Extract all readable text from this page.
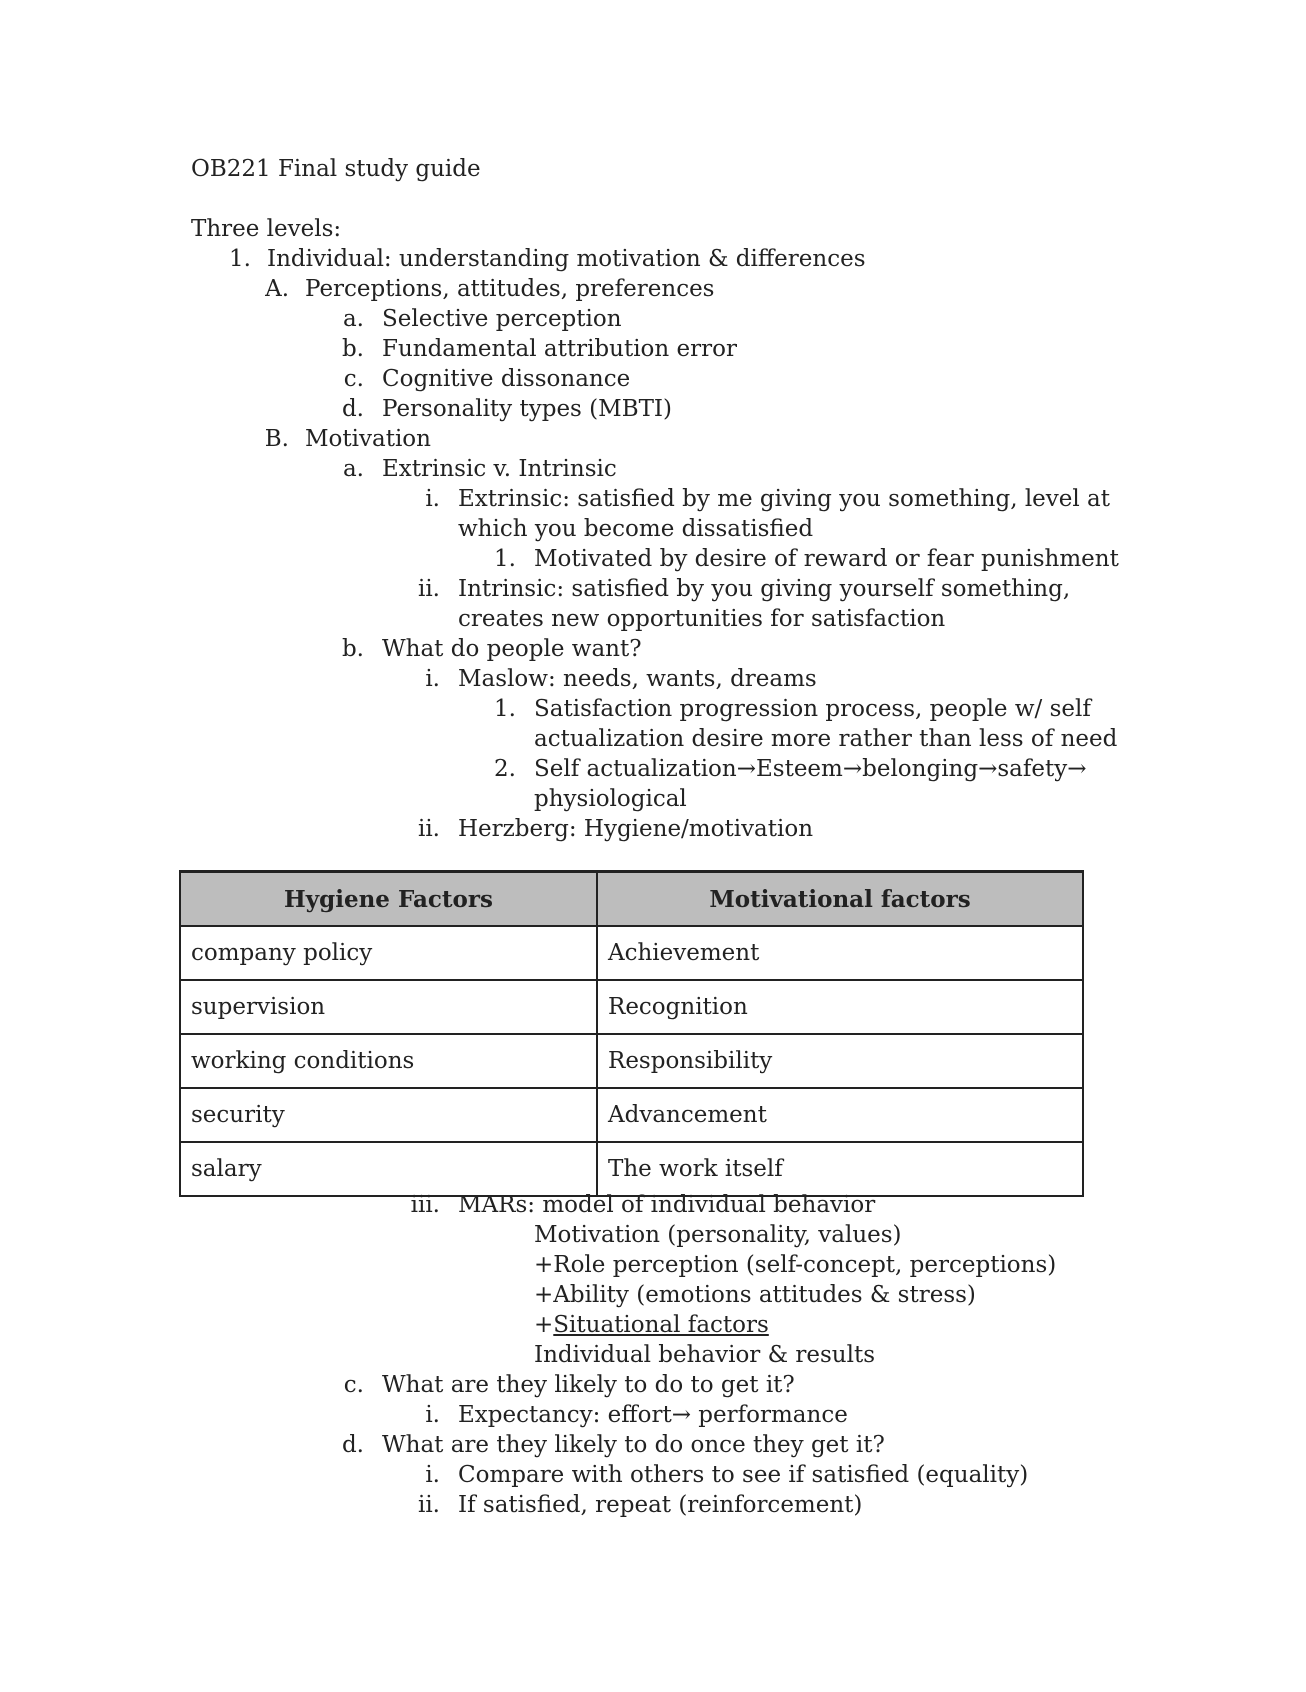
OB221 Final study guide
Three levels:
Individual: understanding motivation & differences
1.
Perceptions, attitudes, preferences
A.
Selective perception
a.
Fundamental attribution error
b.
Cognitive dissonance
c.
Personality types (MBTI)
d.
Motivation
B.
Extrinsic v. Intrinsic
a.
Extrinsic: satisfied by me giving you something, level at
which you become dissatisfied
i.
Motivated by desire of reward or fear punishment
1.
Intrinsic: satisfied by you giving yourself something,
creates new opportunities for satisfaction
ii.
What do people want?
b.
Maslow: needs, wants, dreams
i.
Satisfaction progression process, people w/ self
actualization desire more rather than less of need
1.
Self actualization→Esteem→belonging→safety→
physiological
2.
Herzberg: Hygiene/motivation
ii.
Hygiene Factors	Motivational factors
company policy	Achievement
supervision	Recognition
working conditions	Responsibility
security	Advancement
salary	The work itself
MARs: model of individual behavior
iii.
Motivation (personality, values)
+Role perception (self-concept, perceptions)
+Ability (emotions attitudes & stress)
+Situational factors
Individual behavior & results
What are they likely to do to get it?
c.
Expectancy: effort→ performance
i.
What are they likely to do once they get it?
d.
Compare with others to see if satisfied (equality)
i.
If satisfied, repeat (reinforcement)
ii.
